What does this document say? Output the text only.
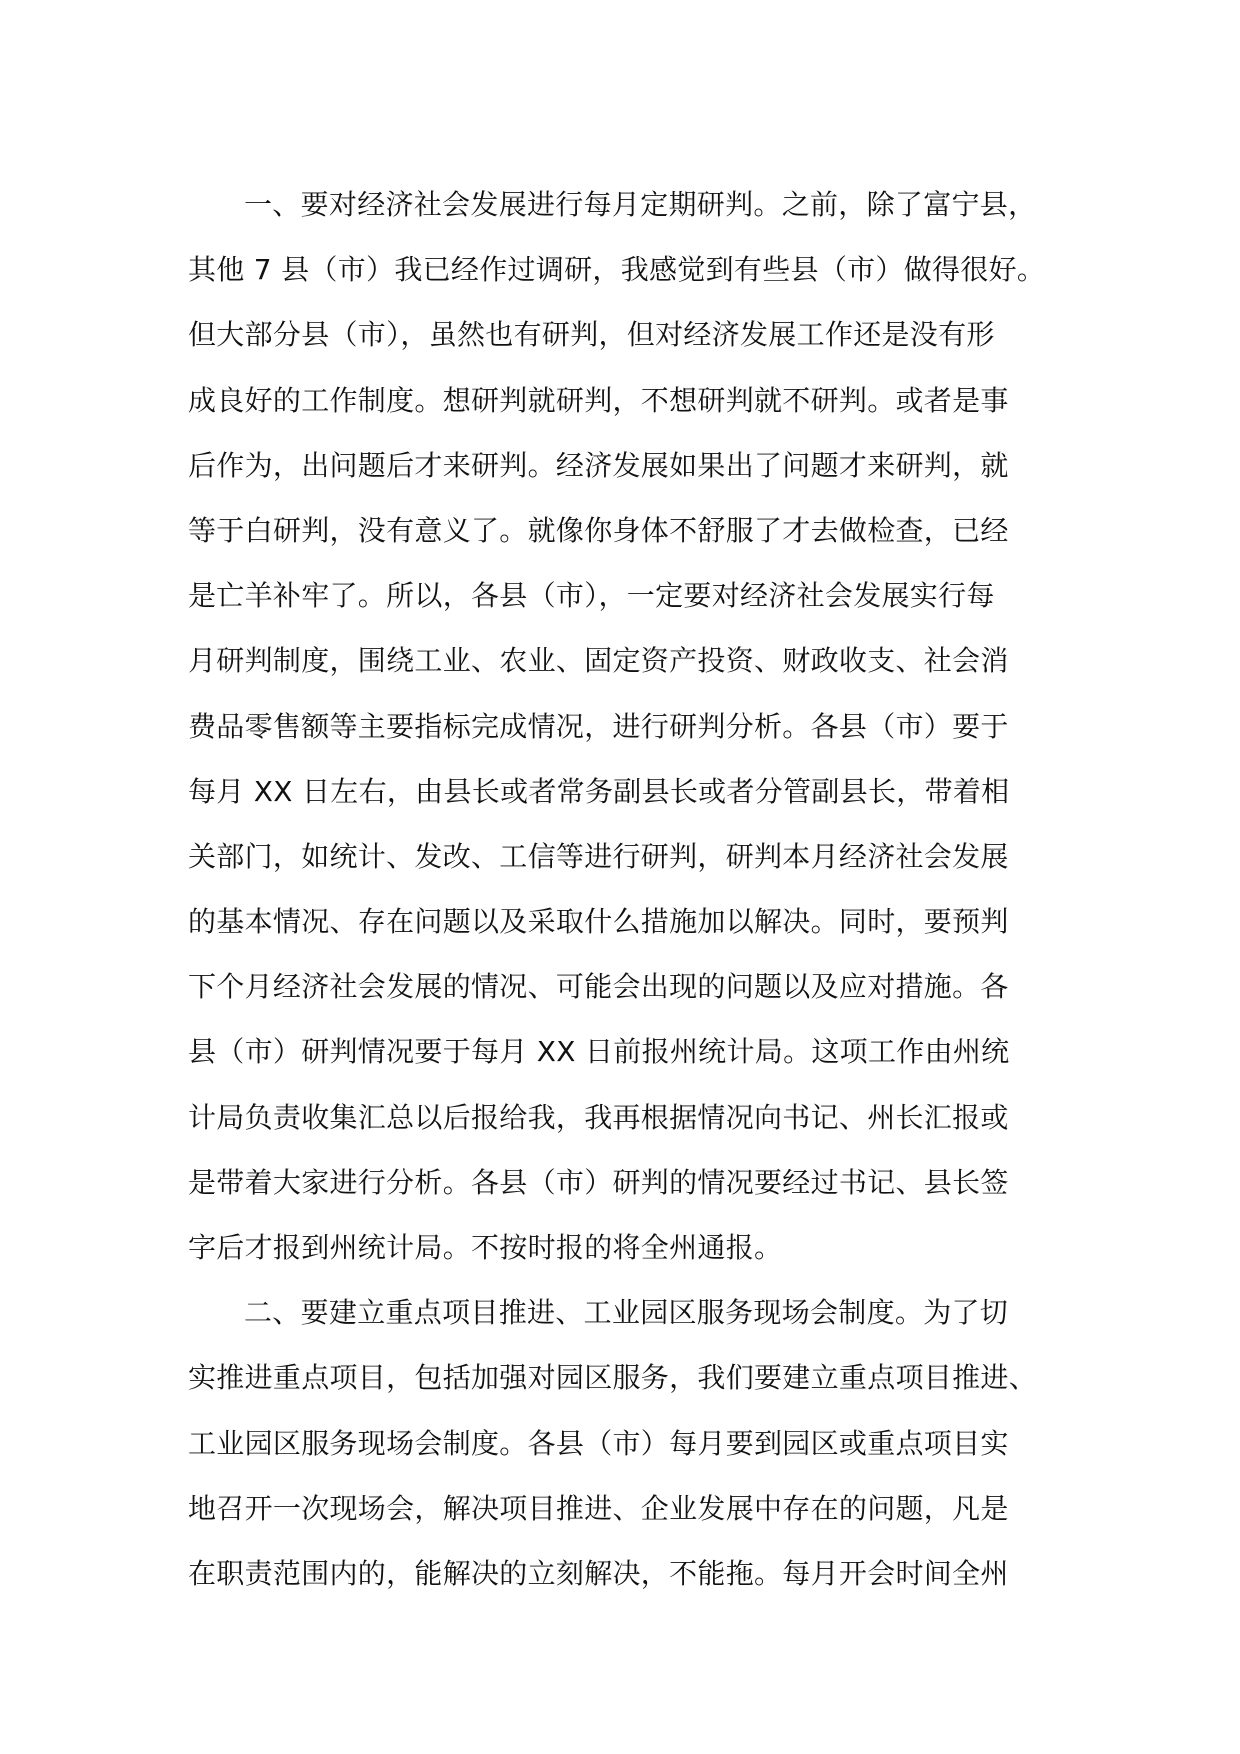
一、要对经济社会发展进行每月定期研判。之前，除了富宁县，
其他 7 县（市）我已经作过调研，我感觉到有些县（市）做得很好。
但大部分县（市），虽然也有研判，但对经济发展工作还是没有形
成良好的工作制度。想研判就研判，不想研判就不研判。或者是事
后作为，出问题后才来研判。经济发展如果出了问题才来研判，就
等于白研判，没有意义了。就像你身体不舒服了才去做检查，已经
是亡羊补牢了。所以，各县（市），一定要对经济社会发展实行每
月研判制度，围绕工业、农业、固定资产投资、财政收支、社会消
费品零售额等主要指标完成情况，进行研判分析。各县（市）要于
每月 XX 日左右，由县长或者常务副县长或者分管副县长，带着相
关部门，如统计、发改、工信等进行研判，研判本月经济社会发展
的基本情况、存在问题以及采取什么措施加以解决。同时，要预判
下个月经济社会发展的情况、可能会出现的问题以及应对措施。各
县（市）研判情况要于每月 XX 日前报州统计局。这项工作由州统
计局负责收集汇总以后报给我，我再根据情况向书记、州长汇报或
是带着大家进行分析。各县（市）研判的情况要经过书记、县长签
字后才报到州统计局。不按时报的将全州通报。
二、要建立重点项目推进、工业园区服务现场会制度。为了切
实推进重点项目，包括加强对园区服务，我们要建立重点项目推进、
工业园区服务现场会制度。各县（市）每月要到园区或重点项目实
地召开一次现场会，解决项目推进、企业发展中存在的问题，凡是
在职责范围内的，能解决的立刻解决，不能拖。每月开会时间全州
